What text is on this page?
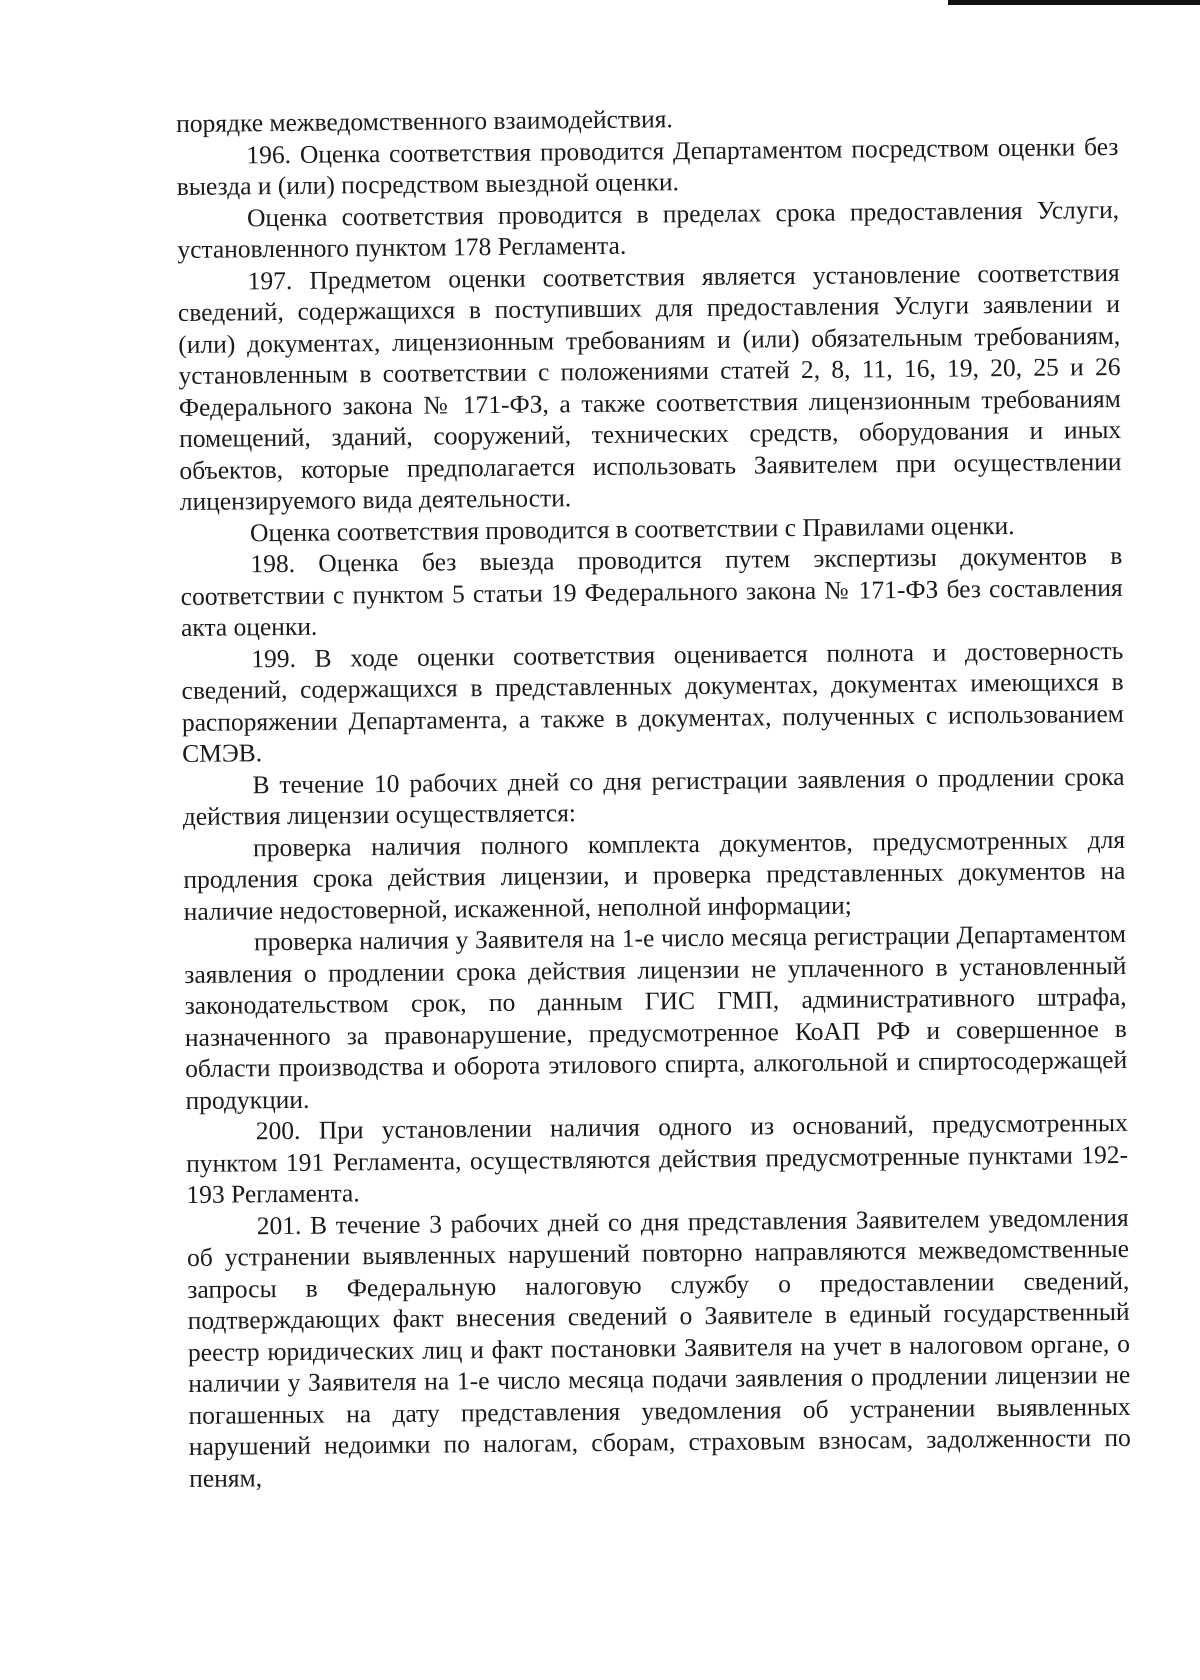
порядке межведомственного взаимодействия.

196. Оценка соответствия проводится Департаментом посредством оценки без выезда и (или) посредством выездной оценки.

Оценка соответствия проводится в пределах срока предоставления Услуги, установленного пунктом 178 Регламента.

197. Предметом оценки соответствия является установление соответствия сведений, содержащихся в поступивших для предоставления Услуги заявлении и (или) документах, лицензионным требованиям и (или) обязательным требованиям, установленным в соответствии с положениями статей 2, 8, 11, 16, 19, 20, 25 и 26 Федерального закона № 171-ФЗ, а также соответствия лицензионным требованиям помещений, зданий, сооружений, технических средств, оборудования и иных объектов, которые предполагается использовать Заявителем при осуществлении лицензируемого вида деятельности.

Оценка соответствия проводится в соответствии с Правилами оценки.

198. Оценка без выезда проводится путем экспертизы документов в соответствии с пунктом 5 статьи 19 Федерального закона № 171-ФЗ без составления акта оценки.

199. В ходе оценки соответствия оценивается полнота и достоверность сведений, содержащихся в представленных документах, документах имеющихся в распоряжении Департамента, а также в документах, полученных с использованием СМЭВ.

В течение 10 рабочих дней со дня регистрации заявления о продлении срока действия лицензии осуществляется:

проверка наличия полного комплекта документов, предусмотренных для продления срока действия лицензии, и проверка представленных документов на наличие недостоверной, искаженной, неполной информации;

проверка наличия у Заявителя на 1-е число месяца регистрации Департаментом заявления о продлении срока действия лицензии не уплаченного в установленный законодательством срок, по данным ГИС ГМП, административного штрафа, назначенного за правонарушение, предусмотренное КоАП РФ и совершенное в области производства и оборота этилового спирта, алкогольной и спиртосодержащей продукции.

200. При установлении наличия одного из оснований, предусмотренных пунктом 191 Регламента, осуществляются действия предусмотренные пунктами 192-193 Регламента.

201. В течение 3 рабочих дней со дня представления Заявителем уведомления об устранении выявленных нарушений повторно направляются межведомственные запросы в Федеральную налоговую службу о предоставлении сведений, подтверждающих факт внесения сведений о Заявителе в единый государственный реестр юридических лиц и факт постановки Заявителя на учет в налоговом органе, о наличии у Заявителя на 1-е число месяца подачи заявления о продлении лицензии не погашенных на дату представления уведомления об устранении выявленных нарушений недоимки по налогам, сборам, страховым взносам, задолженности по пеням,
